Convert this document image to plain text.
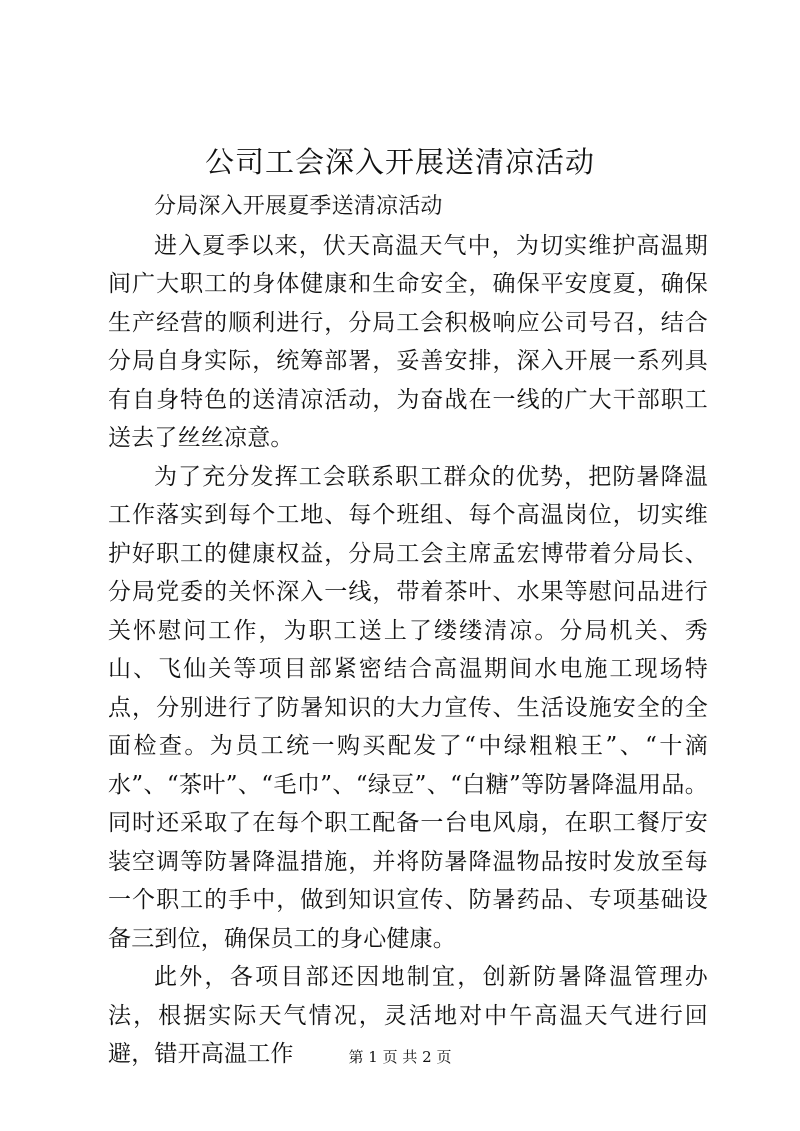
公司工会深入开展送清凉活动

分局深入开展夏季送清凉活动

进入夏季以来，伏天高温天气中，为切实维护高温期间广大职工的身体健康和生命安全，确保平安度夏，确保生产经营的顺利进行，分局工会积极响应公司号召，结合分局自身实际，统筹部署，妥善安排，深入开展一系列具有自身特色的送清凉活动，为奋战在一线的广大干部职工送去了丝丝凉意。

为了充分发挥工会联系职工群众的优势，把防暑降温工作落实到每个工地、每个班组、每个高温岗位，切实维护好职工的健康权益，分局工会主席孟宏博带着分局长、分局党委的关怀深入一线，带着茶叶、水果等慰问品进行关怀慰问工作，为职工送上了缕缕清凉。分局机关、秀山、飞仙关等项目部紧密结合高温期间水电施工现场特点，分别进行了防暑知识的大力宣传、生活设施安全的全面检查。为员工统一购买配发了“中绿粗粮王”、“十滴水”、“茶叶”、“毛巾”、“绿豆”、“白糖”等防暑降温用品。同时还采取了在每个职工配备一台电风扇，在职工餐厅安装空调等防暑降温措施，并将防暑降温物品按时发放至每一个职工的手中，做到知识宣传、防暑药品、专项基础设备三到位，确保员工的身心健康。

此外，各项目部还因地制宜，创新防暑降温管理办法，根据实际天气情况，灵活地对中午高温天气进行回避，错开高温工作	第 1 页 共 2 页
